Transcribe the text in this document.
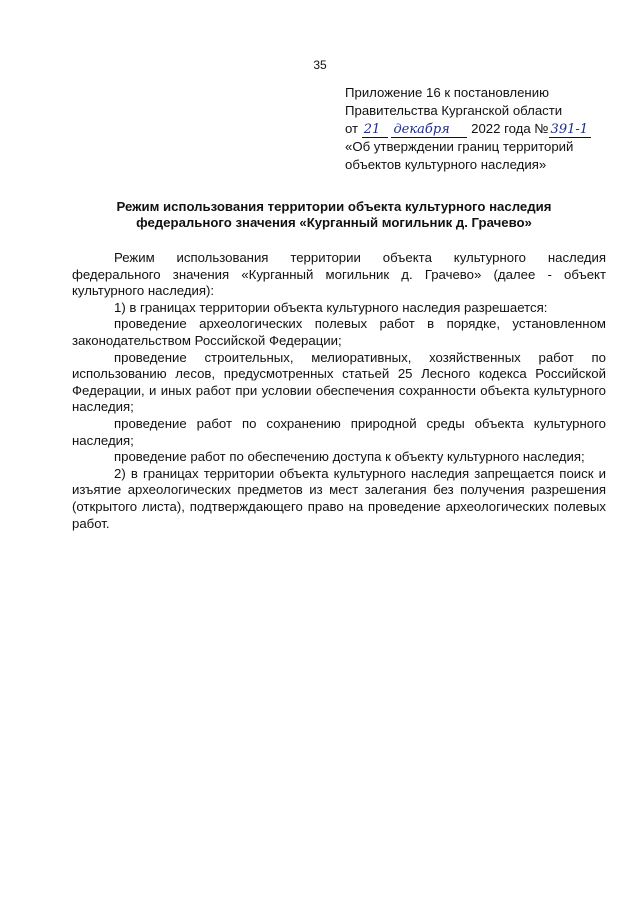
35
Приложение 16 к постановлению
Правительства Курганской области
от 21 декабря 2022 года № 391-1
«Об утверждении границ территорий
объектов культурного наследия»
Режим использования территории объекта культурного наследия
федерального значения «Курганный могильник д. Грачево»

Режим использования территории объекта культурного наследия федерального значения «Курганный могильник д. Грачево» (далее - объект культурного наследия):

1) в границах территории объекта культурного наследия разрешается:

проведение археологических полевых работ в порядке, установленном законодательством Российской Федерации;

проведение строительных, мелиоративных, хозяйственных работ по использованию лесов, предусмотренных статьей 25 Лесного кодекса Российской Федерации, и иных работ при условии обеспечения сохранности объекта культурного наследия;

проведение работ по сохранению природной среды объекта культурного наследия;

проведение работ по обеспечению доступа к объекту культурного наследия;

2) в границах территории объекта культурного наследия запрещается поиск и изъятие археологических предметов из мест залегания без получения разрешения (открытого листа), подтверждающего право на проведение археологических полевых работ.
